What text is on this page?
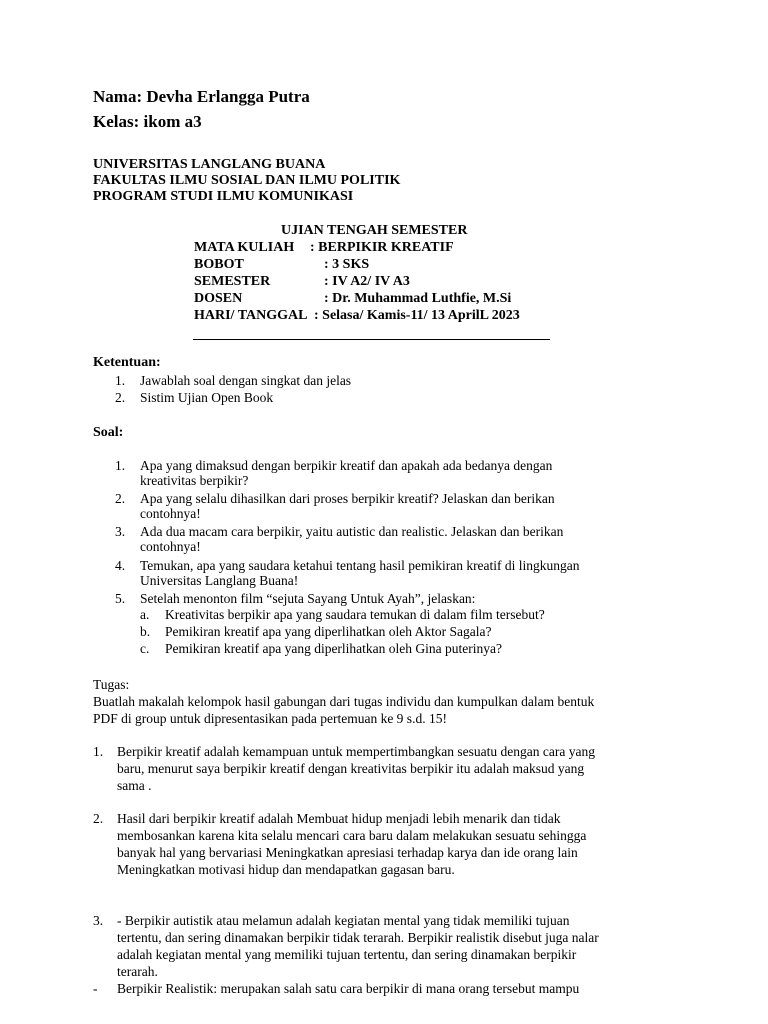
Nama: Devha Erlangga Putra
Kelas: ikom a3
UNIVERSITAS LANGLANG BUANA
FAKULTAS ILMU SOSIAL DAN ILMU POLITIK
PROGRAM STUDI ILMU KOMUNIKASI
UJIAN TENGAH SEMESTER
MATA KULIAH : BERPIKIR KREATIF
BOBOT	: 3 SKS
SEMESTER	: IV A2/ IV A3
DOSEN	: Dr. Muhammad Luthfie, M.Si
HARI/ TANGGAL : Selasa/ Kamis-11/ 13 AprilL 2023
Ketentuan:
1. Jawablah soal dengan singkat dan jelas
2. Sistim Ujian Open Book
Soal:
1. Apa yang dimaksud dengan berpikir kreatif dan apakah ada bedanya dengan
kreativitas berpikir?
2. Apa yang selalu dihasilkan dari proses berpikir kreatif? Jelaskan dan berikan
contohnya!
3. Ada dua macam cara berpikir, yaitu autistic dan realistic. Jelaskan dan berikan
contohnya!
4. Temukan, apa yang saudara ketahui tentang hasil pemikiran kreatif di lingkungan
Universitas Langlang Buana!
5. Setelah menonton film “sejuta Sayang Untuk Ayah”, jelaskan:
a. Kreativitas berpikir apa yang saudara temukan di dalam film tersebut?
b. Pemikiran kreatif apa yang diperlihatkan oleh Aktor Sagala?
c. Pemikiran kreatif apa yang diperlihatkan oleh Gina puterinya?
Tugas:
Buatlah makalah kelompok hasil gabungan dari tugas individu dan kumpulkan dalam bentuk
PDF di group untuk dipresentasikan pada pertemuan ke 9 s.d. 15!
1. Berpikir kreatif adalah kemampuan untuk mempertimbangkan sesuatu dengan cara yang
baru, menurut saya berpikir kreatif dengan kreativitas berpikir itu adalah maksud yang
sama .
2. Hasil dari berpikir kreatif adalah Membuat hidup menjadi lebih menarik dan tidak
membosankan karena kita selalu mencari cara baru dalam melakukan sesuatu sehingga
banyak hal yang bervariasi Meningkatkan apresiasi terhadap karya dan ide orang lain
Meningkatkan motivasi hidup dan mendapatkan gagasan baru.
3. - Berpikir autistik atau melamun adalah kegiatan mental yang tidak memiliki tujuan
tertentu, dan sering dinamakan berpikir tidak terarah. Berpikir realistik disebut juga nalar
adalah kegiatan mental yang memiliki tujuan tertentu, dan sering dinamakan berpikir
terarah.
- Berpikir Realistik: merupakan salah satu cara berpikir di mana orang tersebut mampu
